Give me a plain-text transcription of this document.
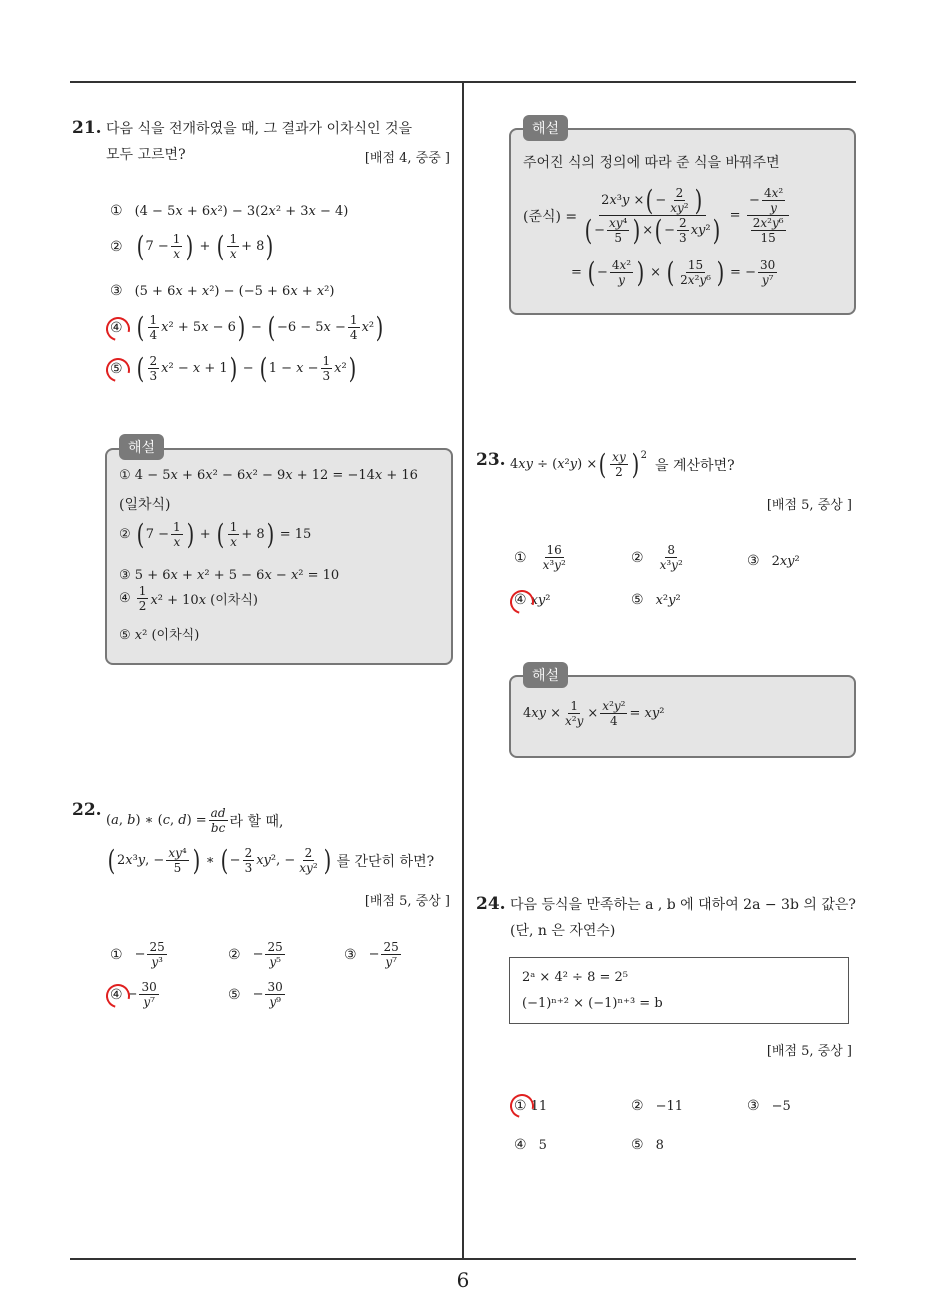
21. 다음 식을 전개하였을 때, 그 결과가 이차식인 것을
모두 고르면?	[배점 4, 중중 ]
① (4 − 5x + 6x²) − 3(2x² + 3x − 4)
② ( $7 - \frac{1}{x}$ ) + ( $\frac{1}{x} + 8$ )
③ (5 + 6x + x²) − (−5 + 6x + x²)
④ ( $\frac{1}{4} x^2 + 5x - 6$ ) − ( $-6 - 5x - \frac{1}{4} x^2$ )
⑤ ( $\frac{2}{3} x^2 - x + 1$ ) − ( $1 - x - \frac{1}{3} x^2$ )
① 4 − 5x + 6x² − 6x² − 9x + 12 = −14x + 16
(일차식)
② ( $7 - \frac{1}{x}$ ) + ( $\frac{1}{x} + 8$ ) = 15
③ 5 + 6x + x² + 5 − 6x − x² = 10
④ $\frac{1}{2} x^2 + 10x$ (이차식)
⑤ x² (이차식)
해설
22.
(a, b) ∗ (c, $d) = \frac{ad}{bc}$ 라 할 때,
( 2x³y, − $\frac{\text{xy⁴}}{5}$ ) ∗ ( − $\frac{2}{3} xy^2$, − $\frac{2}{\text{xy²}}$ ) 를 간단히 하면?
[배점 5, 중상 ]
① − $\frac{25}{\text{y³}}$	② − $\frac{25}{\text{y⁵}}$	③ − $\frac{25}{\text{y⁷}}$
④ − $\frac{30}{\text{y⁷}}$	⑤ − $\frac{30}{\text{y⁹}}$
주어진 식의 정의에 따라 준 식을 바꿔주면
(준식) = $\frac{2x^3y \times ( - \frac{2}{\text{xy²}} )}{( - \frac{\text{xy⁴}}{5} ) \times ( - \frac{2}{3} xy^2 )} = \frac{- \frac{\text{4x²}}{y}}{\frac{\text{2x²y⁶}}{15}}$
= ( − $\frac{\text{4x²}}{y}$ ) × ( $\frac{15}{\text{2x²y⁶}}$ ) = − $\frac{30}{\text{y⁷}}$
해설
23. 4xy ÷ (x²y) × ( $\frac{xy}{2}$ ) 2
을 계산하면?
[배점 5, 중상 ]
① $\frac{16}{\text{x³y²}}$	② $\frac{8}{\text{x³y²}}$	③ 2xy²
④ xy²	⑤ x²y²
$4xy \times \frac{1}{\text{x²y}} \times \frac{\text{x²y²}}{4} = xy^2$
해설
24. 다음 등식을 만족하는 a , b 에 대하여 2a − 3b 의 값은?
(단, n 은 자연수)
2ᵃ × 4² ÷ 8 = 2⁵
(−1)ⁿ⁺² × (−1)ⁿ⁺³ = b
[배점 5, 중상 ]
① 11	② −11	③ −5
④ 5	⑤ 8
6
